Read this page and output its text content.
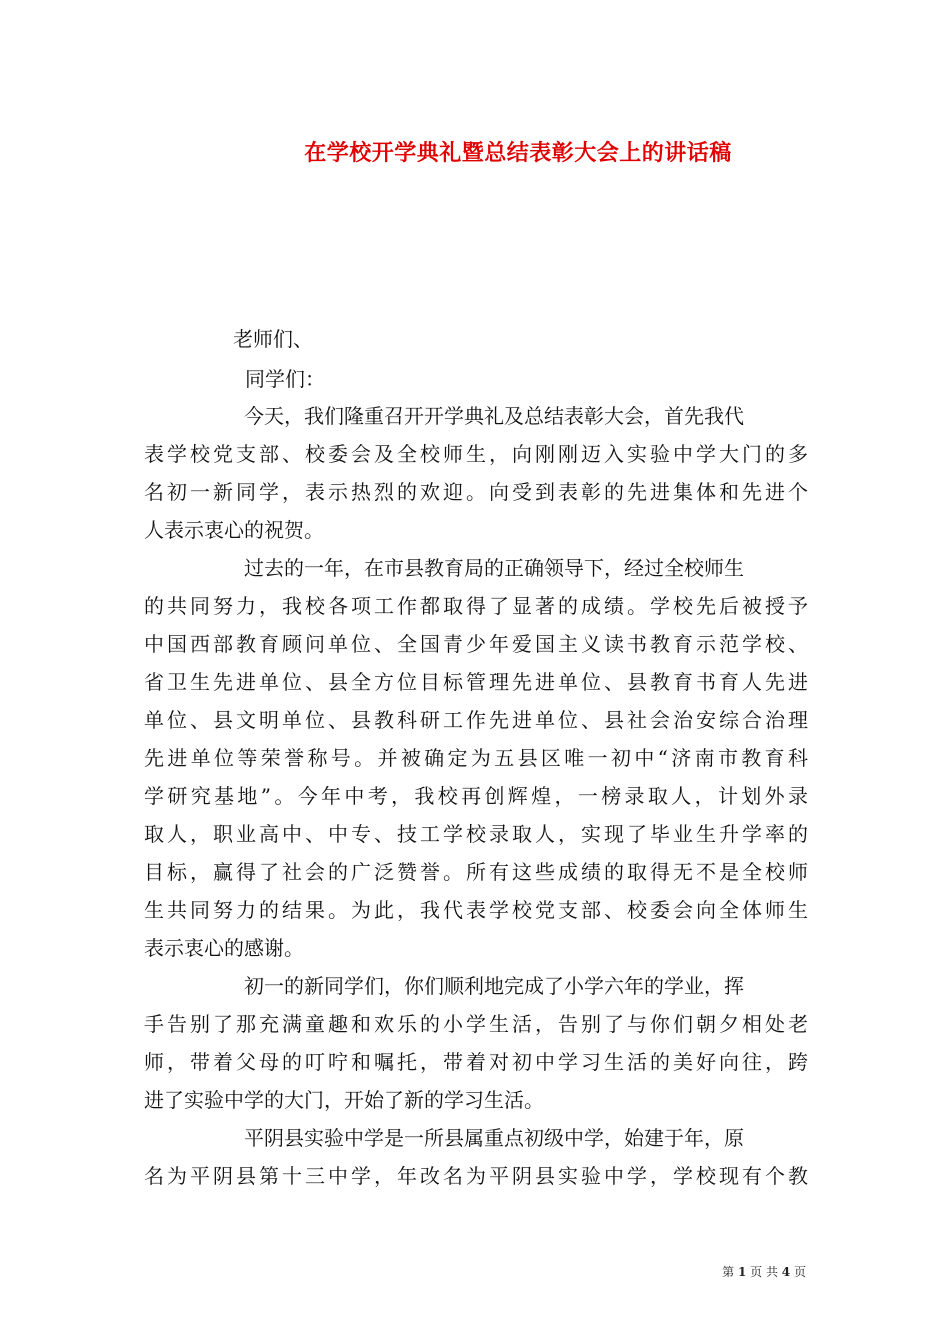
在学校开学典礼暨总结表彰大会上的讲话稿
老师们、
同学们：
今天，我们隆重召开开学典礼及总结表彰大会，首先我代
表学校党支部、校委会及全校师生，向刚刚迈入实验中学大门的多
名初一新同学，表示热烈的欢迎。向受到表彰的先进集体和先进个
人表示衷心的祝贺。
过去的一年，在市县教育局的正确领导下，经过全校师生
的共同努力，我校各项工作都取得了显著的成绩。学校先后被授予
中国西部教育顾问单位、全国青少年爱国主义读书教育示范学校、
省卫生先进单位、县全方位目标管理先进单位、县教育书育人先进
单位、县文明单位、县教科研工作先进单位、县社会治安综合治理
先进单位等荣誉称号。并被确定为五县区唯一初中“济南市教育科
学研究基地”。今年中考，我校再创辉煌，一榜录取人，计划外录
取人，职业高中、中专、技工学校录取人，实现了毕业生升学率的
目标，赢得了社会的广泛赞誉。所有这些成绩的取得无不是全校师
生共同努力的结果。为此，我代表学校党支部、校委会向全体师生
表示衷心的感谢。
初一的新同学们，你们顺利地完成了小学六年的学业，挥
手告别了那充满童趣和欢乐的小学生活，告别了与你们朝夕相处老
师，带着父母的叮咛和嘱托，带着对初中学习生活的美好向往，跨
进了实验中学的大门，开始了新的学习生活。
平阴县实验中学是一所县属重点初级中学，始建于年，原
名为平阴县第十三中学，年改名为平阴县实验中学，学校现有个教
第 1 页 共 4 页
